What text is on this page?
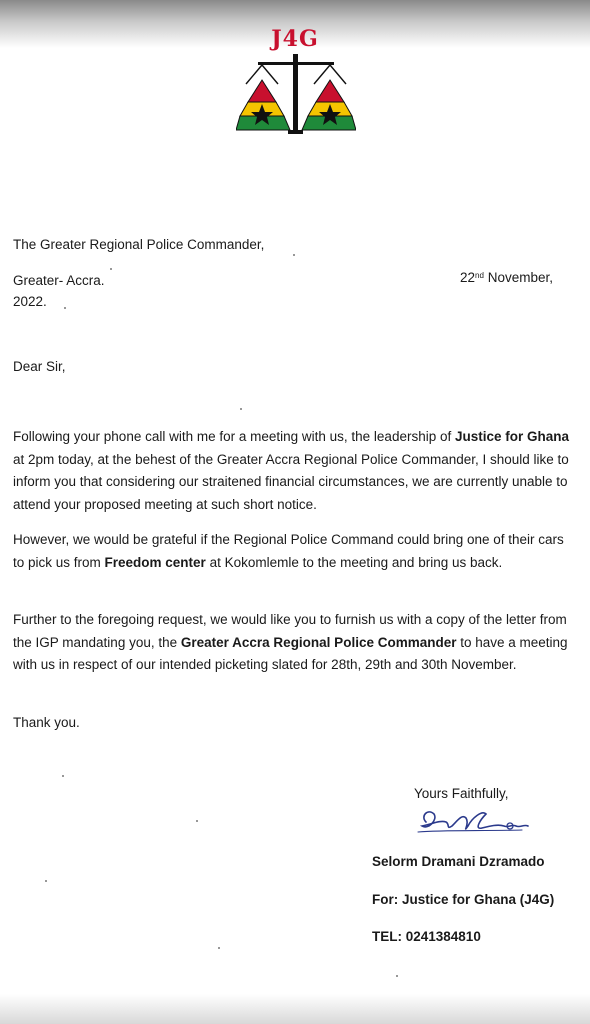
J4G
The Greater Regional Police Commander,
Greater- Accra.
2022.
22nd November,
Dear Sir,
Following your phone call with me for a meeting with us, the leadership of Justice for Ghana at 2pm today, at the behest of the Greater Accra Regional Police Commander, I should like to inform you that considering our straitened financial circumstances, we are currently unable to attend your proposed meeting at such short notice.
However, we would be grateful if the Regional Police Command could bring one of their cars to pick us from Freedom center at Kokomlemle to the meeting and bring us back.
Further to the foregoing request, we would like you to furnish us with a copy of the letter from the IGP mandating you, the Greater Accra Regional Police Commander to have a meeting with us in respect of our intended picketing slated for 28th, 29th and 30th November.
Thank you.
Yours Faithfully,
Selorm Dramani Dzramado
For: Justice for Ghana (J4G)
TEL: 0241384810
